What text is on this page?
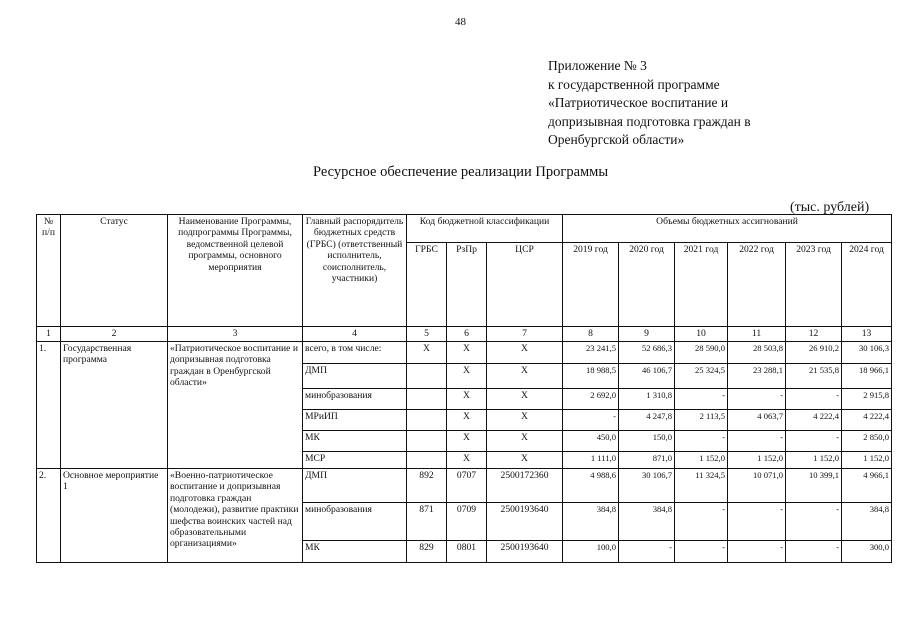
48
Приложение № 3
к государственной программе
«Патриотическое воспитание и
допризывная подготовка граждан в
Оренбургской области»
Ресурсное обеспечение реализации Программы
(тыс. рублей)
№ п/п	Статус	Наименование Программы, подпрограммы Программы, ведомственной целевой программы, основного мероприятия	Главный распорядитель бюджетных средств (ГРБС) (ответственный исполнитель, соисполнитель, участники)	Код бюджетной классификации			Объемы бюджетных ассигнований					
				ГРБС	РзПр	ЦСР	2019 год	2020 год	2021 год	2022 год	2023 год	2024 год
1	2	3	4	5	6	7	8	9	10	11	12	13
1.	Государственная программа	«Патриотическое воспитание и допризывная подготовка граждан в Оренбургской области»	всего, в том числе:	Х	Х	Х	23 241,5	52 686,3	28 590,0	28 503,8	26 910,2	30 106,3
			ДМП		Х	Х	18 988,5	46 106,7	25 324,5	23 288,1	21 535,8	18 966,1
			минобразования		Х	Х	2 692,0	1 310,8	-	-	-	2 915,8
			МРиИП		Х	Х	-	4 247,8	2 113,5	4 063,7	4 222,4	4 222,4
			МК		Х	Х	450,0	150,0	-	-	-	2 850,0
			МСР		Х	Х	1 111,0	871,0	1 152,0	1 152,0	1 152,0	1 152,0
2.	Основное мероприятие 1	«Военно-патриотическое воспитание и допризывная подготовка граждан (молодежи), развитие практики шефства воинских частей над образовательными организациями»	ДМП	892	0707	2500172360	4 988,6	30 106,7	11 324,5	10 071,0	10 399,1	4 966,1
			минобразования	871	0709	2500193640	384,8	384,8	-	-	-	384,8
			МК	829	0801	2500193640	100,0	-	-	-	-	300,0
